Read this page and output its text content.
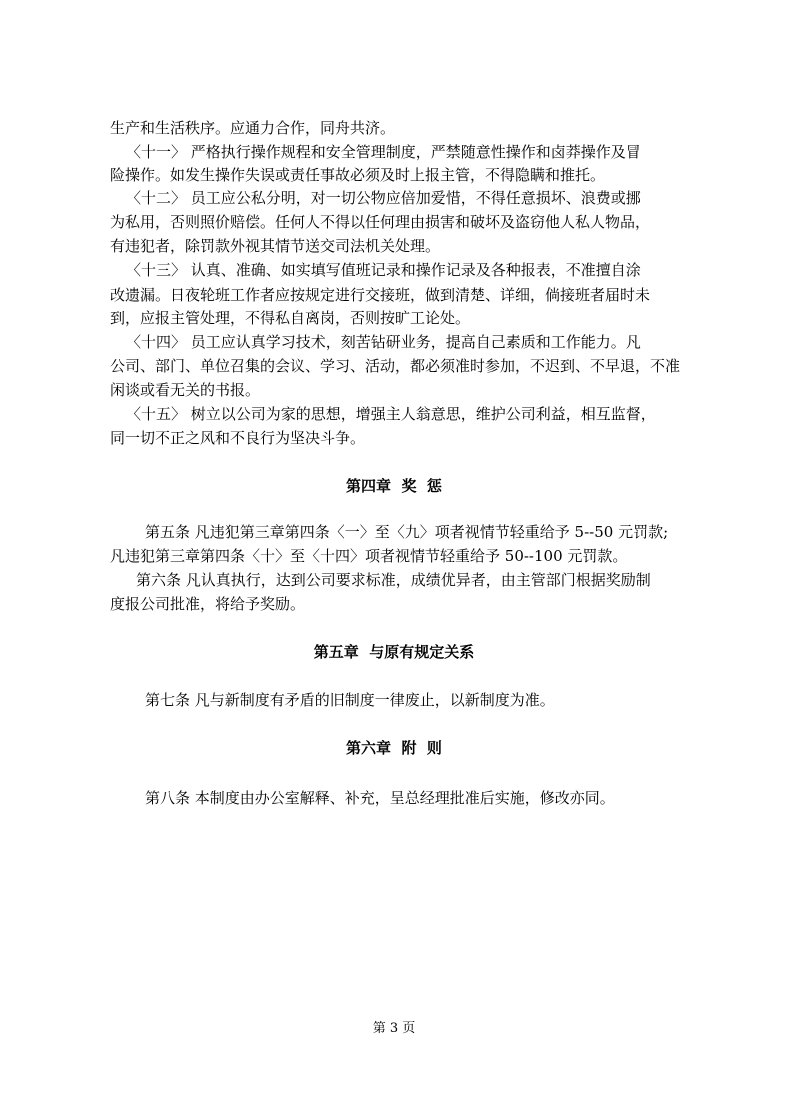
生产和生活秩序。应通力合作，同舟共济。
〈十一〉 严格执行操作规程和安全管理制度，严禁随意性操作和卤莽操作及冒
险操作。如发生操作失误或责任事故必须及时上报主管，不得隐瞒和推托。
〈十二〉 员工应公私分明，对一切公物应倍加爱惜，不得任意损坏、浪费或挪
为私用，否则照价赔偿。任何人不得以任何理由损害和破坏及盗窃他人私人物品，
有违犯者，除罚款外视其情节送交司法机关处理。
〈十三〉 认真、准确、如实填写值班记录和操作记录及各种报表，不准擅自涂
改遗漏。日夜轮班工作者应按规定进行交接班，做到清楚、详细，倘接班者届时未
到，应报主管处理，不得私自离岗，否则按旷工论处。
〈十四〉 员工应认真学习技术，刻苦钻研业务，提高自己素质和工作能力。凡
公司、部门、单位召集的会议、学习、活动，都必须准时参加，不迟到、不早退，不准
闲谈或看无关的书报。
〈十五〉 树立以公司为家的思想，增强主人翁意思，维护公司利益，相互监督，
同一切不正之风和不良行为坚决斗争。
第四章  奖  惩
第五条 凡违犯第三章第四条〈一〉至〈九〉项者视情节轻重给予 5--50 元罚款;
凡违犯第三章第四条〈十〉至〈十四〉项者视情节轻重给予 50--100 元罚款。
第六条 凡认真执行，达到公司要求标准，成绩优异者，由主管部门根据奖励制
度报公司批准，将给予奖励。
第五章  与原有规定关系
第七条 凡与新制度有矛盾的旧制度一律废止，以新制度为准。
第六章  附  则
第八条 本制度由办公室解释、补充，呈总经理批准后实施，修改亦同。
第 3 页
